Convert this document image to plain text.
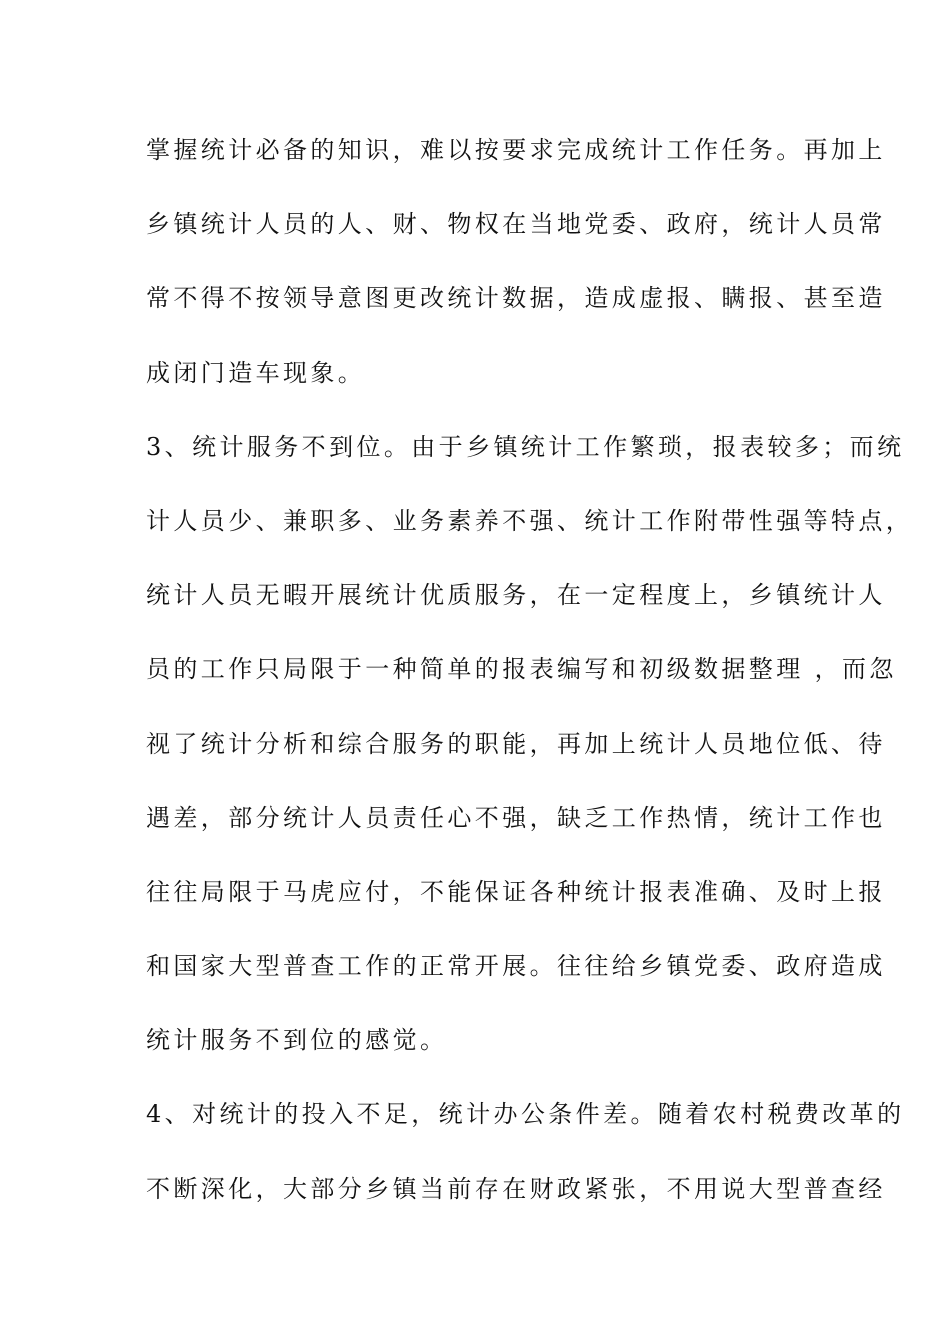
掌握统计必备的知识，难以按要求完成统计工作任务。再加上
乡镇统计人员的人、财、物权在当地党委、政府，统计人员常
常不得不按领导意图更改统计数据，造成虚报、瞒报、甚至造
成闭门造车现象。
3、统计服务不到位。由于乡镇统计工作繁琐，报表较多；而统
计人员少、兼职多、业务素养不强、统计工作附带性强等特点，
统计人员无暇开展统计优质服务，在一定程度上，乡镇统计人
员的工作只局限于一种简单的报表编写和初级数据整理 ，而忽
视了统计分析和综合服务的职能，再加上统计人员地位低、待
遇差，部分统计人员责任心不强，缺乏工作热情，统计工作也
往往局限于马虎应付，不能保证各种统计报表准确、及时上报
和国家大型普查工作的正常开展。往往给乡镇党委、政府造成
统计服务不到位的感觉。
4、对统计的投入不足，统计办公条件差。随着农村税费改革的
不断深化，大部分乡镇当前存在财政紧张，不用说大型普查经
